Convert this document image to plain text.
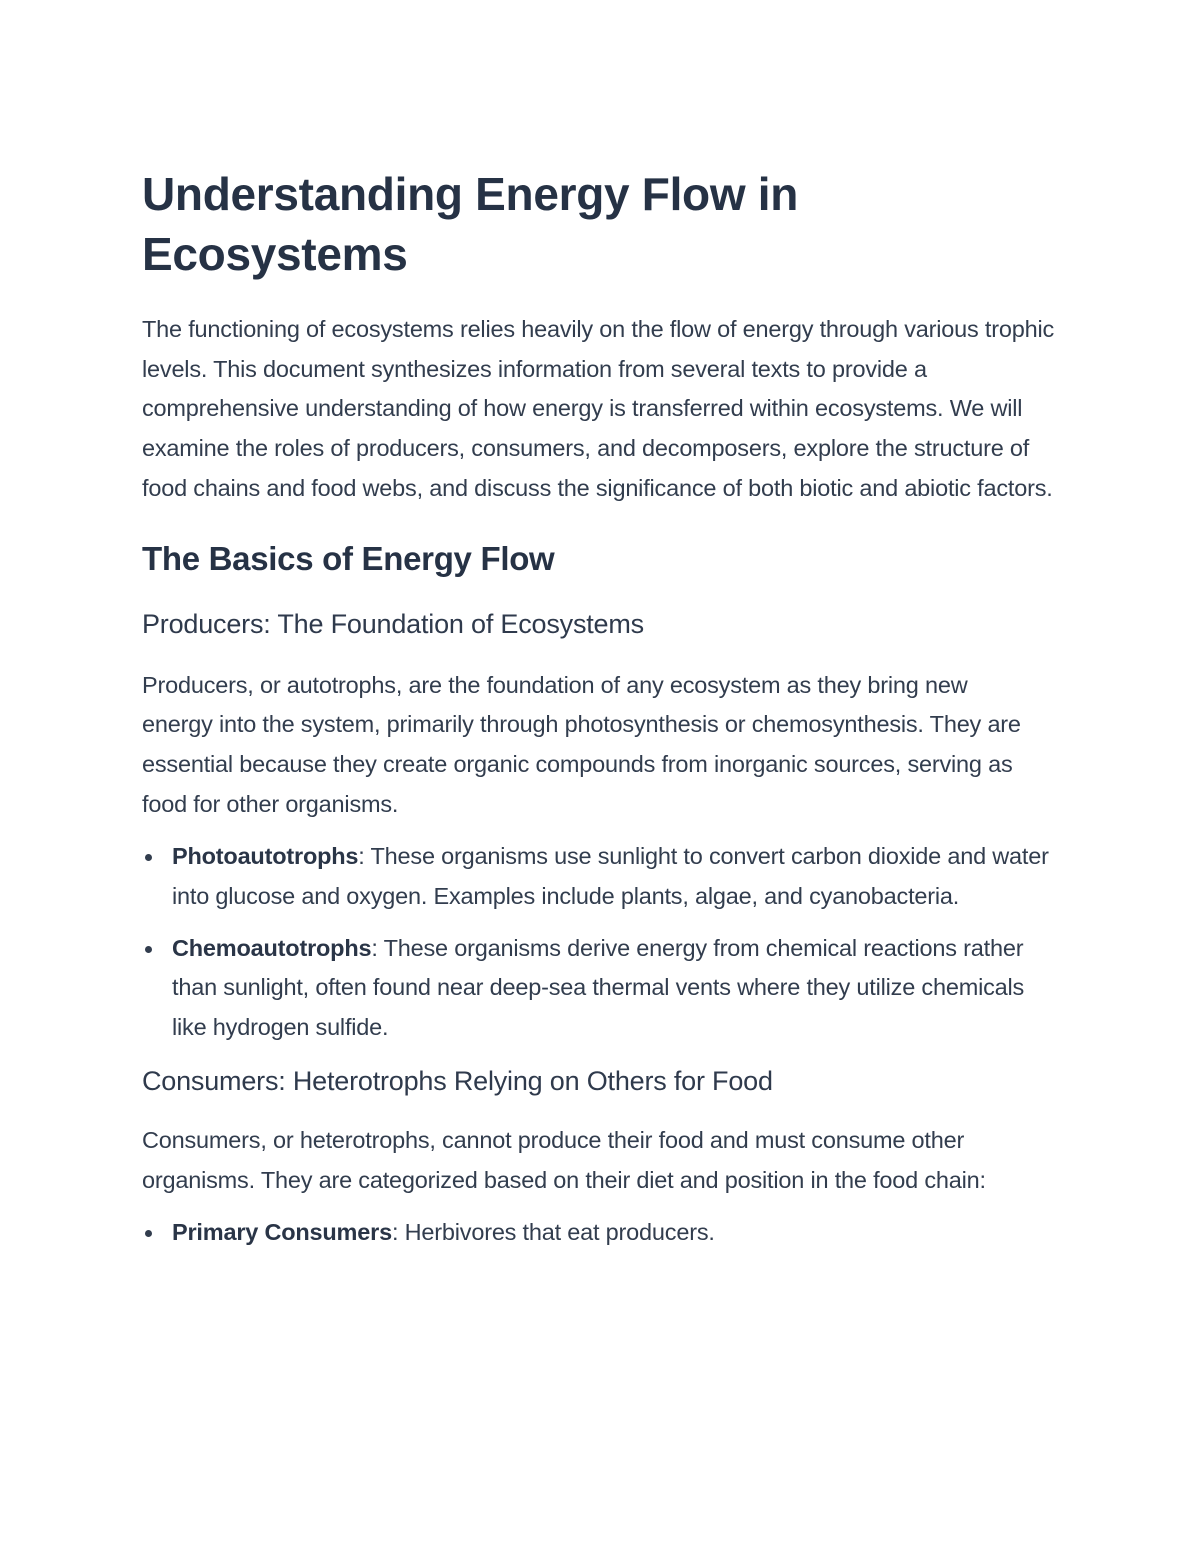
Understanding Energy Flow in Ecosystems

The functioning of ecosystems relies heavily on the flow of energy through various trophic levels. This document synthesizes information from several texts to provide a comprehensive understanding of how energy is transferred within ecosystems. We will examine the roles of producers, consumers, and decomposers, explore the structure of food chains and food webs, and discuss the significance of both biotic and abiotic factors.

The Basics of Energy Flow
Producers: The Foundation of Ecosystems

Producers, or autotrophs, are the foundation of any ecosystem as they bring new energy into the system, primarily through photosynthesis or chemosynthesis. They are essential because they create organic compounds from inorganic sources, serving as food for other organisms.

Photoautotrophs: These organisms use sunlight to convert carbon dioxide and water into glucose and oxygen. Examples include plants, algae, and cyanobacteria.
Chemoautotrophs: These organisms derive energy from chemical reactions rather than sunlight, often found near deep-sea thermal vents where they utilize chemicals like hydrogen sulfide.
Consumers: Heterotrophs Relying on Others for Food

Consumers, or heterotrophs, cannot produce their food and must consume other organisms. They are categorized based on their diet and position in the food chain:

Primary Consumers: Herbivores that eat producers.
